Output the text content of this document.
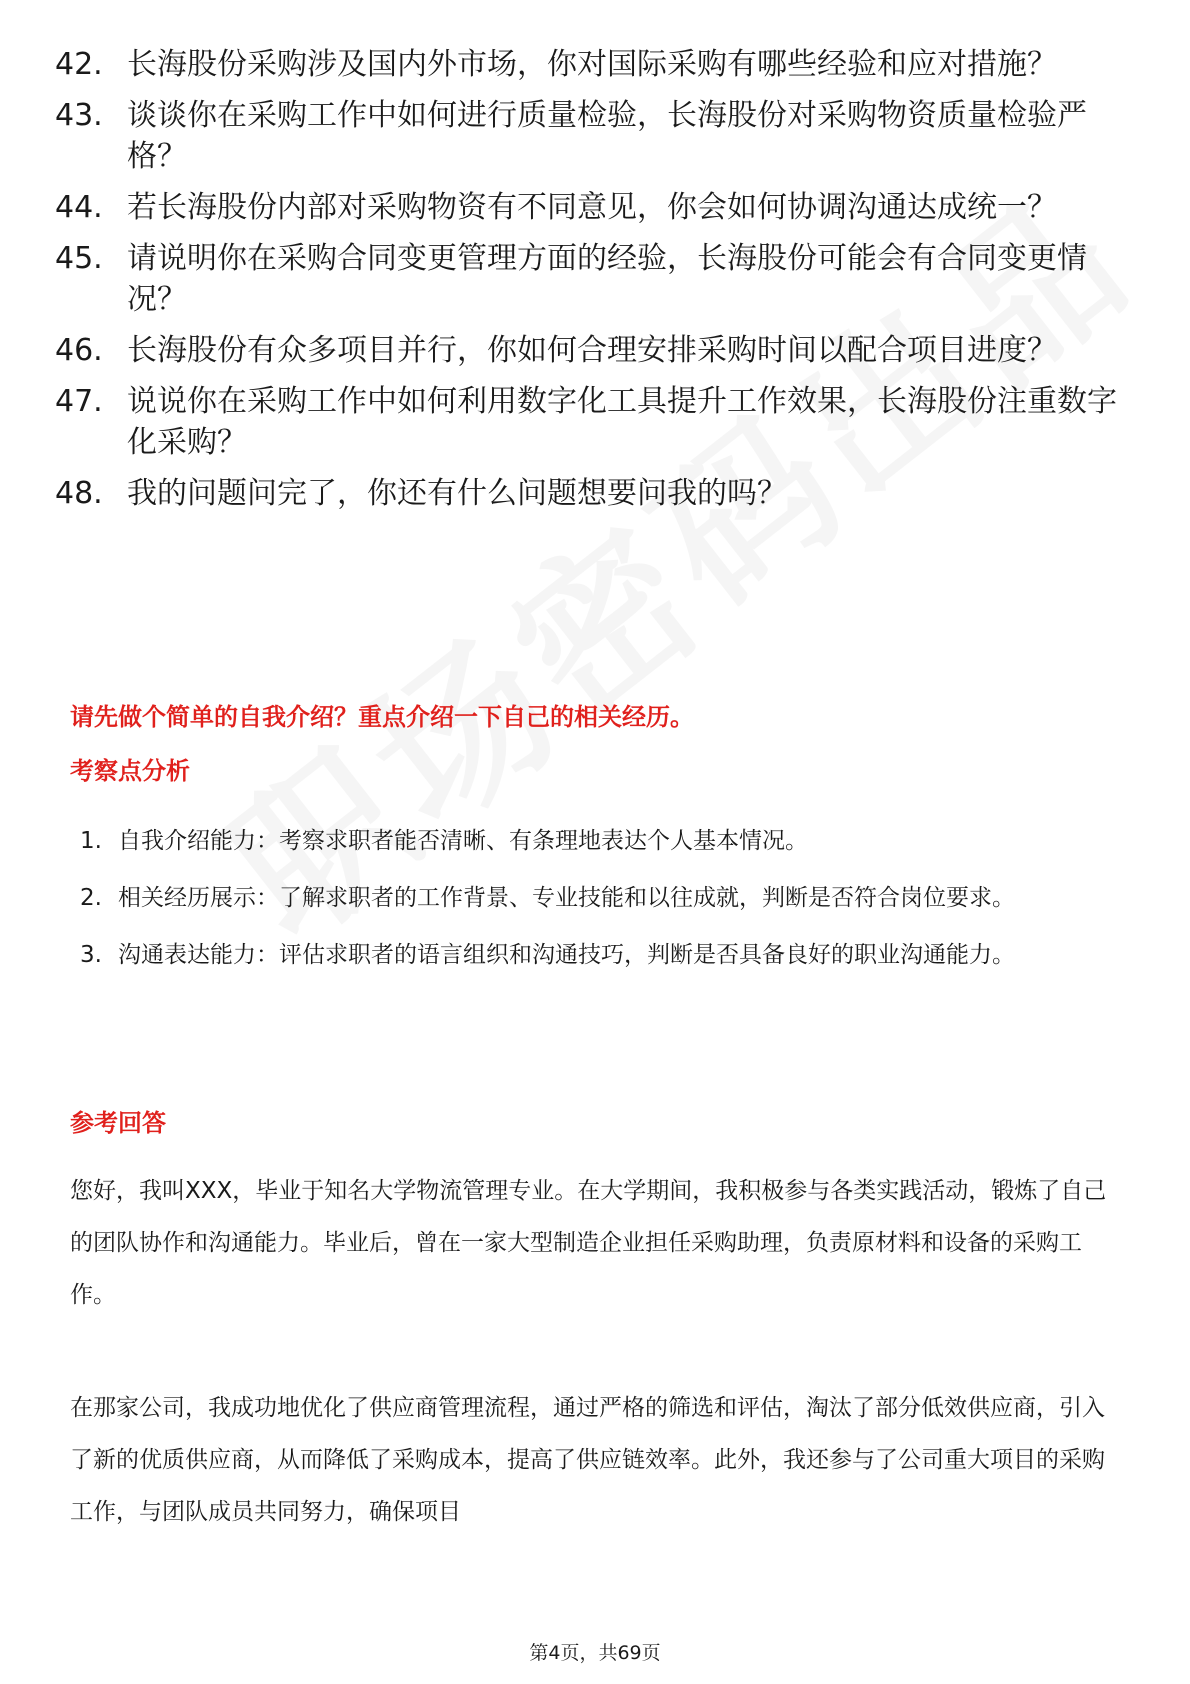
42. 长海股份采购涉及国内外市场，你对国际采购有哪些经验和应对措施？
43. 谈谈你在采购工作中如何进行质量检验，长海股份对采购物资质量检验严格？
44. 若长海股份内部对采购物资有不同意见，你会如何协调沟通达成统一？
45. 请说明你在采购合同变更管理方面的经验，长海股份可能会有合同变更情况？
46. 长海股份有众多项目并行，你如何合理安排采购时间以配合项目进度？
47. 说说你在采购工作中如何利用数字化工具提升工作效果，长海股份注重数字化采购？
48. 我的问题问完了，你还有什么问题想要问我的吗？
请先做个简单的自我介绍？重点介绍一下自己的相关经历。
考察点分析
1. 自我介绍能力：考察求职者能否清晰、有条理地表达个人基本情况。
2. 相关经历展示：了解求职者的工作背景、专业技能和以往成就，判断是否符合岗位要求。
3. 沟通表达能力：评估求职者的语言组织和沟通技巧，判断是否具备良好的职业沟通能力。
参考回答
您好，我叫XXX，毕业于知名大学物流管理专业。在大学期间，我积极参与各类实践活动，锻炼了自己的团队协作和沟通能力。毕业后，曾在一家大型制造企业担任采购助理，负责原材料和设备的采购工作。
在那家公司，我成功地优化了供应商管理流程，通过严格的筛选和评估，淘汰了部分低效供应商，引入了新的优质供应商，从而降低了采购成本，提高了供应链效率。此外，我还参与了公司重大项目的采购工作，与团队成员共同努力，确保项目
第4页，共69页
